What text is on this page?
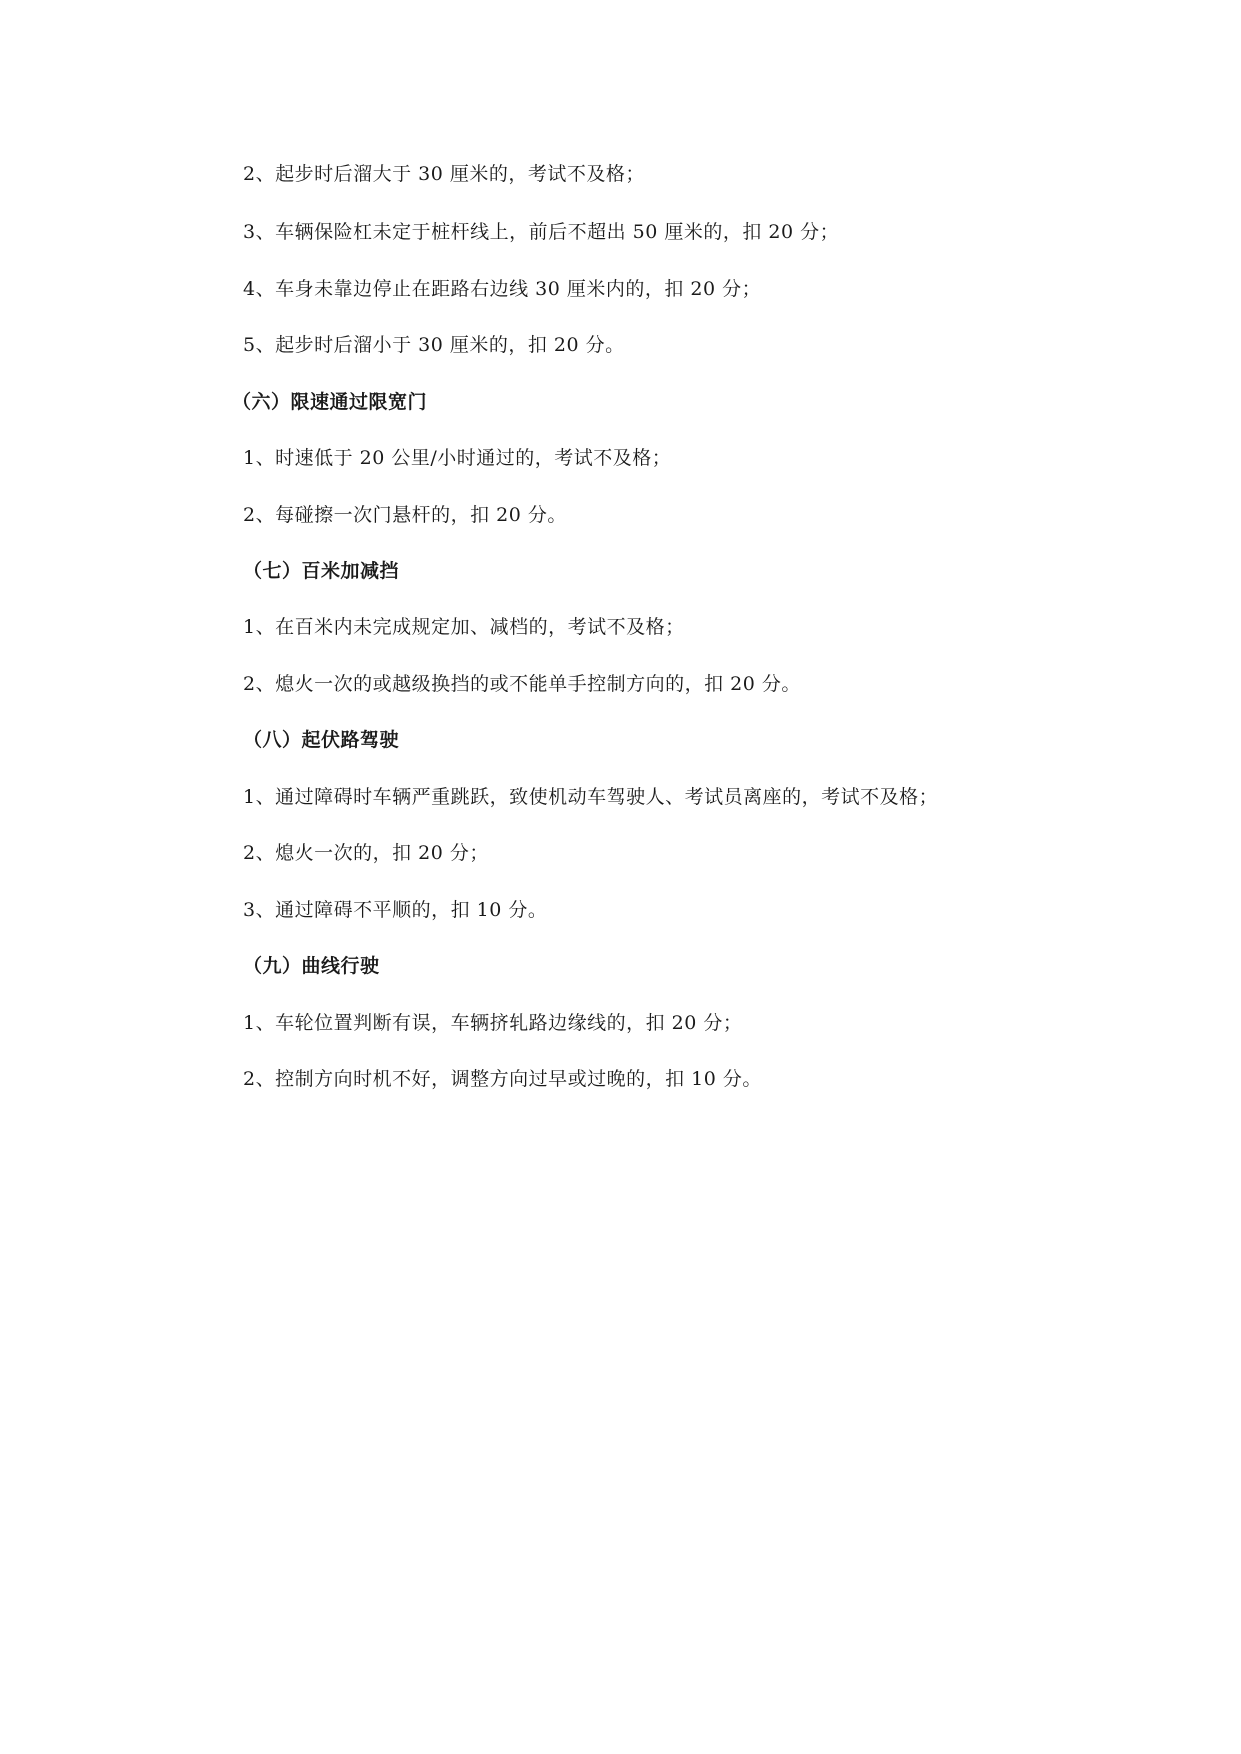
2、起步时后溜大于 30 厘米的，考试不及格；
3、车辆保险杠未定于桩杆线上，前后不超出 50 厘米的，扣 20 分；
4、车身未靠边停止在距路右边线 30 厘米内的，扣 20 分；
5、起步时后溜小于 30 厘米的，扣 20 分。
（六）限速通过限宽门
1、时速低于 20 公里/小时通过的，考试不及格；
2、每碰擦一次门悬杆的，扣 20 分。
（七）百米加减挡
1、在百米内未完成规定加、减档的，考试不及格；
2、熄火一次的或越级换挡的或不能单手控制方向的，扣 20 分。
（八）起伏路驾驶
1、通过障碍时车辆严重跳跃，致使机动车驾驶人、考试员离座的，考试不及格；
2、熄火一次的，扣 20 分；
3、通过障碍不平顺的，扣 10 分。
（九）曲线行驶
1、车轮位置判断有误，车辆挤轧路边缘线的，扣 20 分；
2、控制方向时机不好，调整方向过早或过晚的，扣 10 分。
